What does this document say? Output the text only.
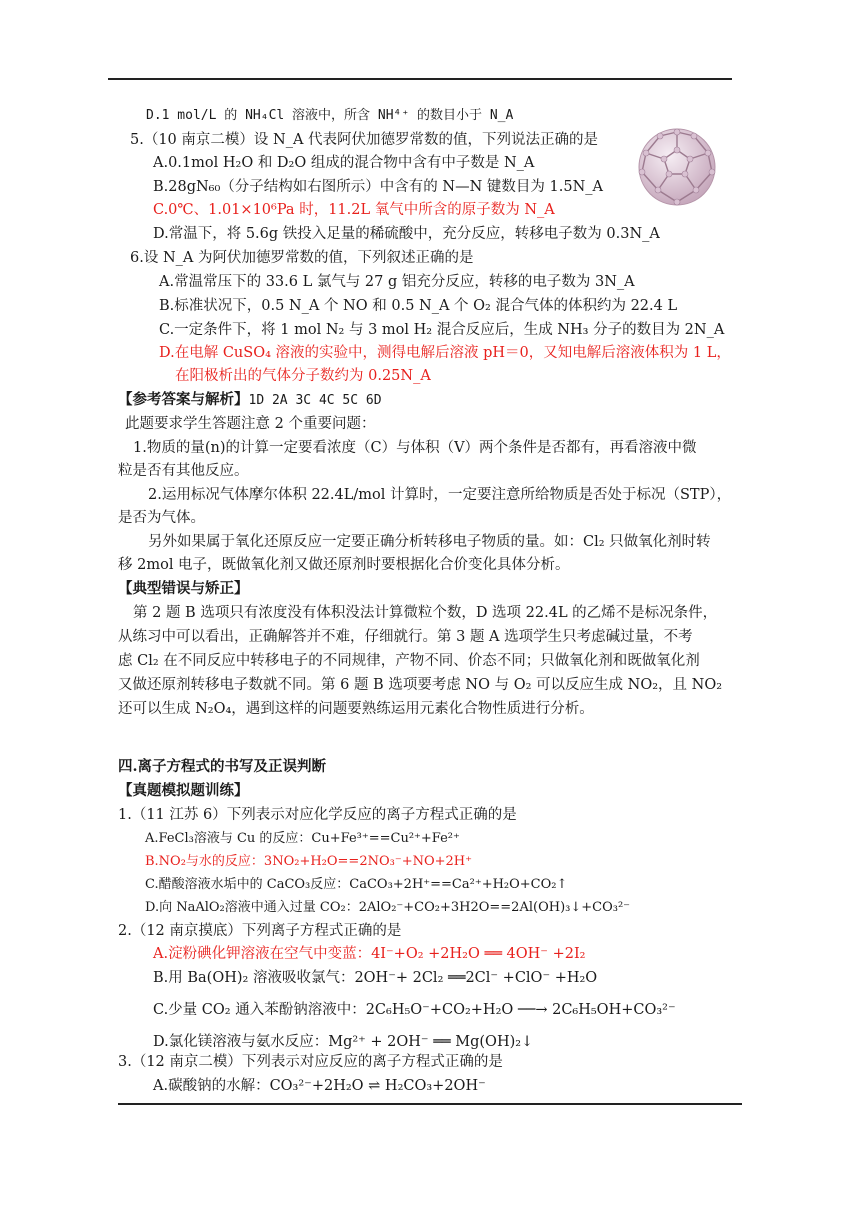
D.1 mol/L 的 NH₄Cl 溶液中，所含 NH⁴⁺ 的数目小于 N_A
5.（10 南京二模）设 N_A 代表阿伏加德罗常数的值，下列说法正确的是
A.0.1mol H₂O 和 D₂O 组成的混合物中含有中子数是 N_A
B.28gN₆₀（分子结构如右图所示）中含有的 N—N 键数目为 1.5N_A
C.0℃、1.01×10⁶Pa 时，11.2L 氧气中所含的原子数为 N_A
D.常温下，将 5.6g 铁投入足量的稀硫酸中，充分反应，转移电子数为 0.3N_A
6.设 N_A 为阿伏加德罗常数的值，下列叙述正确的是
A.常温常压下的 33.6 L 氯气与 27 g 铝充分反应，转移的电子数为 3N_A
B.标准状况下，0.5 N_A 个 NO 和 0.5 N_A 个 O₂ 混合气体的体积约为 22.4 L
C.一定条件下，将 1 mol N₂ 与 3 mol H₂ 混合反应后，生成 NH₃ 分子的数目为 2N_A
D.在电解 CuSO₄ 溶液的实验中，测得电解后溶液 pH＝0，又知电解后溶液体积为 1 L，
在阳极析出的气体分子数约为 0.25N_A
【参考答案与解析】1D 2A 3C 4C 5C 6D
此题要求学生答题注意 2 个重要问题：
1.物质的量(n)的计算一定要看浓度（C）与体积（V）两个条件是否都有，再看溶液中微
粒是否有其他反应。
2.运用标况气体摩尔体积 22.4L/mol 计算时，一定要注意所给物质是否处于标况（STP），
是否为气体。
另外如果属于氧化还原反应一定要正确分析转移电子物质的量。如：Cl₂ 只做氧化剂时转
移 2mol 电子，既做氧化剂又做还原剂时要根据化合价变化具体分析。
【典型错误与矫正】
第 2 题 B 选项只有浓度没有体积没法计算微粒个数，D 选项 22.4L 的乙烯不是标况条件，
从练习中可以看出，正确解答并不难，仔细就行。第 3 题 A 选项学生只考虑碱过量，不考
虑 Cl₂ 在不同反应中转移电子的不同规律，产物不同、价态不同；只做氧化剂和既做氧化剂
又做还原剂转移电子数就不同。第 6 题 B 选项要考虑 NO 与 O₂ 可以反应生成 NO₂，且 NO₂
还可以生成 N₂O₄，遇到这样的问题要熟练运用元素化合物性质进行分析。
四.离子方程式的书写及正误判断
【真题模拟题训练】
1.（11 江苏 6）下列表示对应化学反应的离子方程式正确的是
A.FeCl₃溶液与 Cu 的反应：Cu+Fe³⁺==Cu²⁺+Fe²⁺
B.NO₂与水的反应：3NO₂+H₂O==2NO₃⁻+NO+2H⁺
C.醋酸溶液水垢中的 CaCO₃反应：CaCO₃+2H⁺==Ca²⁺+H₂O+CO₂↑
D.向 NaAlO₂溶液中通入过量 CO₂：2AlO₂⁻+CO₂+3H2O==2Al(OH)₃↓+CO₃²⁻
2.（12 南京摸底）下列离子方程式正确的是
A.淀粉碘化钾溶液在空气中变蓝：4I⁻+O₂ +2H₂O ══ 4OH⁻ +2I₂
B.用 Ba(OH)₂ 溶液吸收氯气：2OH⁻+ 2Cl₂ ══2Cl⁻ +ClO⁻ +H₂O
C.少量 CO₂ 通入苯酚钠溶液中：2C₆H₅O⁻+CO₂+H₂O ──→ 2C₆H₅OH+CO₃²⁻
D.氯化镁溶液与氨水反应：Mg²⁺ + 2OH⁻ ══ Mg(OH)₂↓
3.（12 南京二模）下列表示对应反应的离子方程式正确的是
A.碳酸钠的水解：CO₃²⁻+2H₂O ⇌ H₂CO₃+2OH⁻
